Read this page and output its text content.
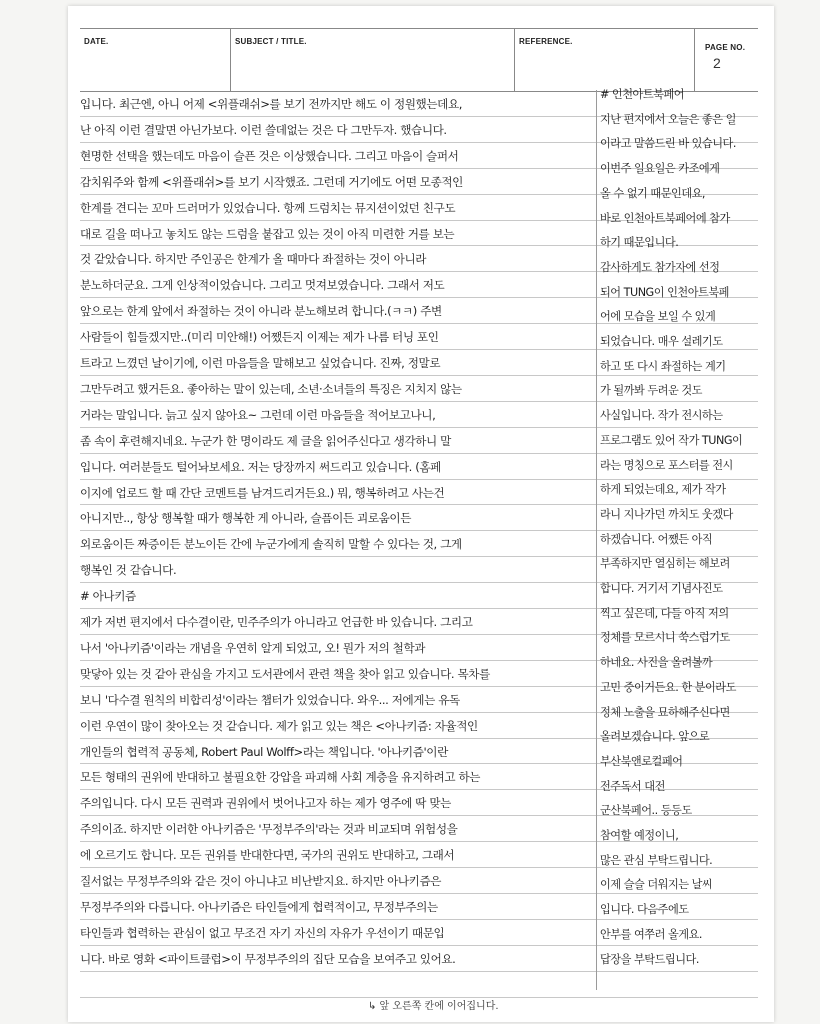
DATE.	SUBJECT / TITLE.	REFERENCE.
PAGE NO.
2
입니다. 최근엔, 아니 어제 <위플래쉬>를 보기 전까지만 해도 이 정원했는데요,
난 아직 이런 결말면 아닌가보다. 이런 쓸데없는 것은 다 그만두자. 했습니다.
현명한 선택을 했는데도 마음이 슬픈 것은 이상했습니다. 그리고 마음이 슬퍼서
감치워주와 함께 <위플래쉬>를 보기 시작했죠. 그런데 거기에도 어떤 모종적인
한계를 견디는 꼬마 드러머가 있었습니다. 항께 드럼치는 뮤지션이었던 친구도
대로 길을 떠나고 놓치도 않는 드럼을 붙잡고 있는 것이 아직 미련한 거를 보는
것 같았습니다. 하지만 주인공은 한계가 올 때마다 좌절하는 것이 아니라
분노하더군요. 그게 인상적이었습니다. 그리고 멋져보였습니다. 그래서 저도
앞으로는 한계 앞에서 좌절하는 것이 아니라 분노해보려 합니다.(ㅋㅋ) 주변
사람들이 힘들겠지만..(미리 미안해!) 어쨌든지 이제는 제가 나름 터닝 포인
트라고 느꼈던 날이기에, 이런 마음들을 말해보고 싶었습니다. 진짜, 정말로
그만두려고 했거든요. 좋아하는 말이 있는데, 소년·소녀들의 특징은 지치지 않는
거라는 말입니다. 늙고 싶지 않아요~ 그런데 이런 마음들을 적어보고나니,
좀 속이 후련해지네요. 누군가 한 명이라도 제 글을 읽어주신다고 생각하니 말
입니다. 여러분들도 털어놔보세요. 저는 당장까지 써드리고 있습니다. (홈페
이지에 업로드 할 때 간단 코멘트를 남겨드리거든요.) 뭐, 행복하려고 사는건
아니지만.., 항상 행복할 때가 행복한 게 아니라, 슬픔이든 괴로움이든
외로움이든 짜증이든 분노이든 간에 누군가에게 솔직히 말할 수 있다는 것, 그게
행복인 것 같습니다.
# 아나키즘
제가 저번 편지에서 다수결이란, 민주주의가 아니라고 언급한 바 있습니다. 그리고
나서 '아나키즘'이라는 개념을 우연히 알게 되었고, 오! 뭔가 저의 철학과
맞닿아 있는 것 같아 관심을 가지고 도서관에서 관련 책을 찾아 읽고 있습니다. 목차를
보니 '다수결 원칙의 비합리성'이라는 챕터가 있었습니다. 와우... 저에게는 유독
이런 우연이 많이 찾아오는 것 같습니다. 제가 읽고 있는 책은 <아나키즘: 자율적인
개인들의 협력적 공동체, Robert Paul Wolff>라는 책입니다. '아나키즘'이란
모든 형태의 권위에 반대하고 불필요한 강압을 파괴해 사회 계층을 유지하려고 하는
주의입니다. 다시 모든 권력과 권위에서 벗어나고자 하는 제가 영주에 딱 맞는
주의이죠. 하지만 이러한 아나키즘은 '무정부주의'라는 것과 비교되며 위험성을
에 오르기도 합니다. 모든 권위를 반대한다면, 국가의 권위도 반대하고, 그래서
질서없는 무정부주의와 같은 것이 아니냐고 비난받지요. 하지만 아나키즘은
무정부주의와 다릅니다. 아나키즘은 타인들에게 협력적이고, 무정부주의는
타인들과 협력하는 관심이 없고 무조건 자기 자신의 자유가 우선이기 때문입
니다. 바로 영화 <파이트클럽>이 무정부주의의 집단 모습을 보여주고 있어요.
# 인천아트북페어
지난 편지에서 오늘은 좋은 일
이라고 말씀드린 바 있습니다.
이번주 일요일은 카조에게
올 수 없기 때문인데요,
바로 인천아트북페어에 참가
하기 때문입니다.
감사하게도 참가자에 선정
되어 TUNG이 인천아트북페
어에 모습을 보일 수 있게
되었습니다. 매우 설레기도
하고 또 다시 좌절하는 계기
가 될까봐 두려운 것도
사실입니다. 작가 전시하는
프로그램도 있어 작가 TUNG이
라는 명칭으로 포스터를 전시
하게 되었는데요, 제가 작가
라니 지나가던 까치도 웃겠다
하겠습니다. 어쨌든 아직
부족하지만 열심히는 해보려
합니다. 거기서 기념사진도
찍고 싶은데, 다들 아직 저의
정체를 모르시니 쑥스럽기도
하네요. 사진을 올려볼까
고민 중이거든요. 한 분이라도
정체 노출을 묘하해주신다면
올려보겠습니다. 앞으로
부산북앤로컬페어
전주독서 대전
군산북페어.. 등등도
참여할 예정이니,
많은 관심 부탁드립니다.
이제 슬슬 더워지는 날씨
입니다. 다음주에도
안부를 여쭈러 올게요.
답장을 부탁드립니다.
↳ 앞 오른쪽 칸에 이어집니다.
